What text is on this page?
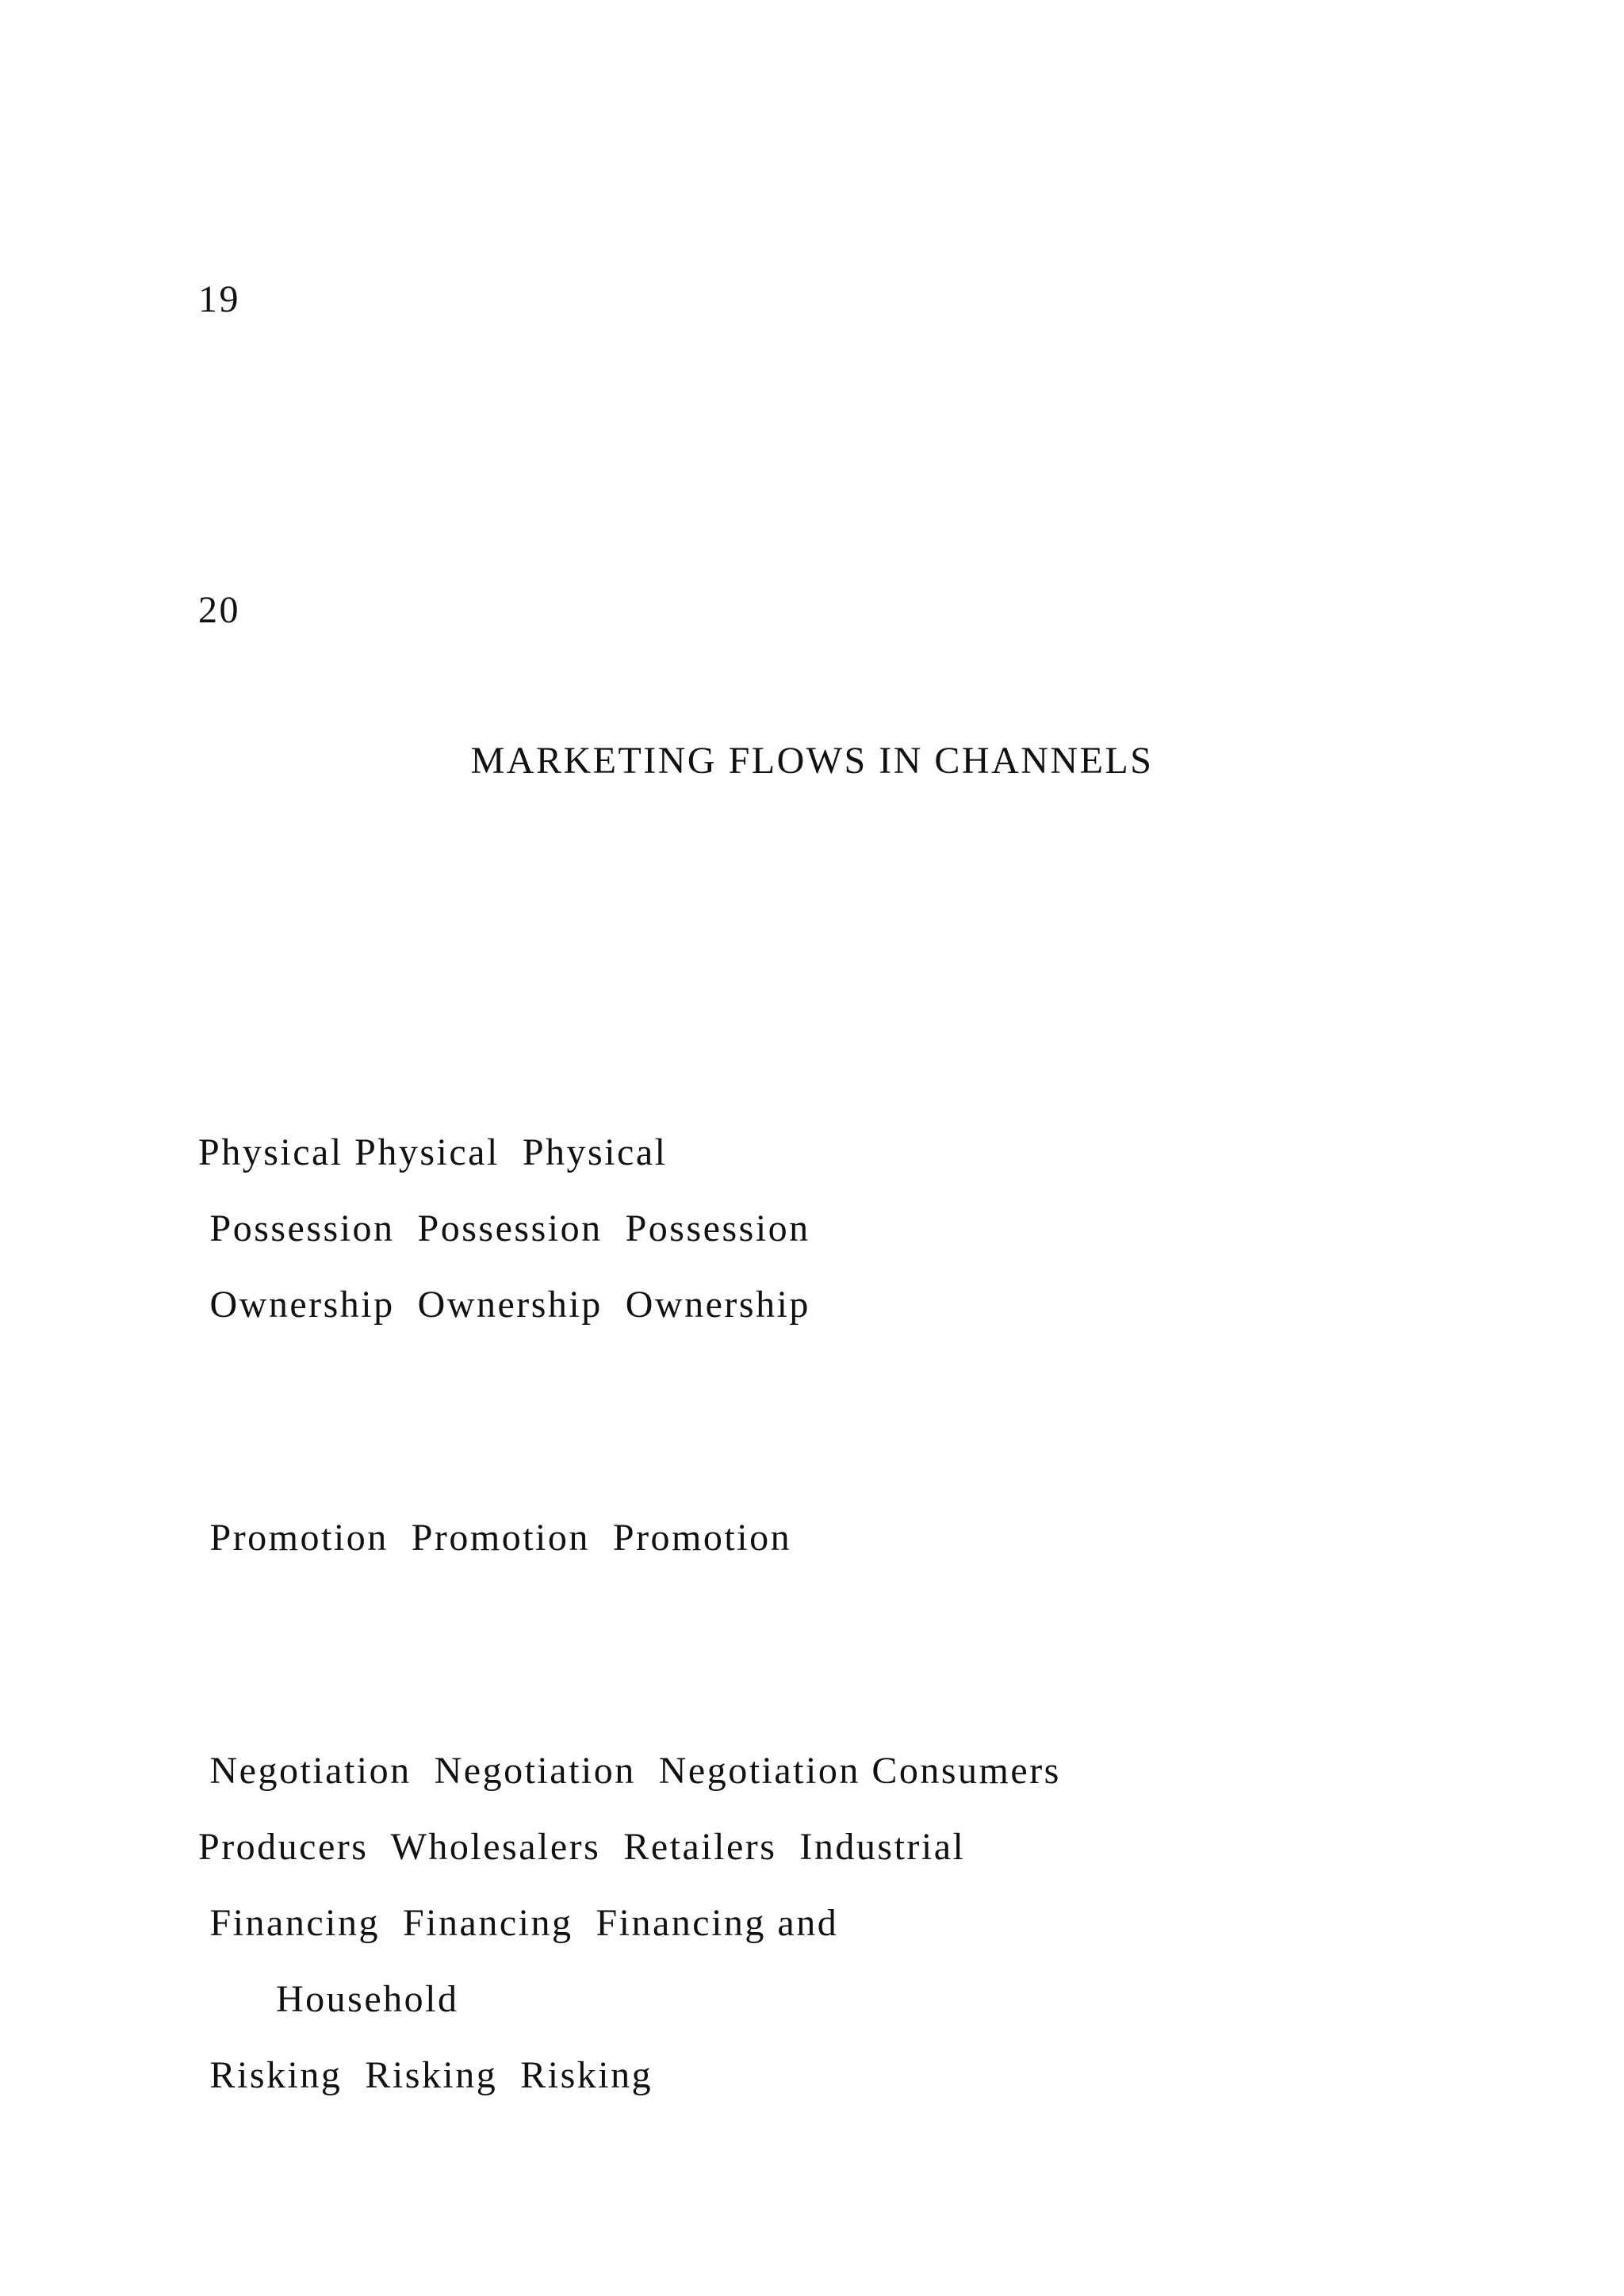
19
20
MARKETING FLOWS IN CHANNELS
Physical Physical  Physical
Possession  Possession  Possession
Ownership  Ownership  Ownership
Promotion  Promotion  Promotion
Negotiation  Negotiation  Negotiation Consumers
Producers  Wholesalers  Retailers  Industrial
Financing  Financing  Financing and
Household
Risking  Risking  Risking
